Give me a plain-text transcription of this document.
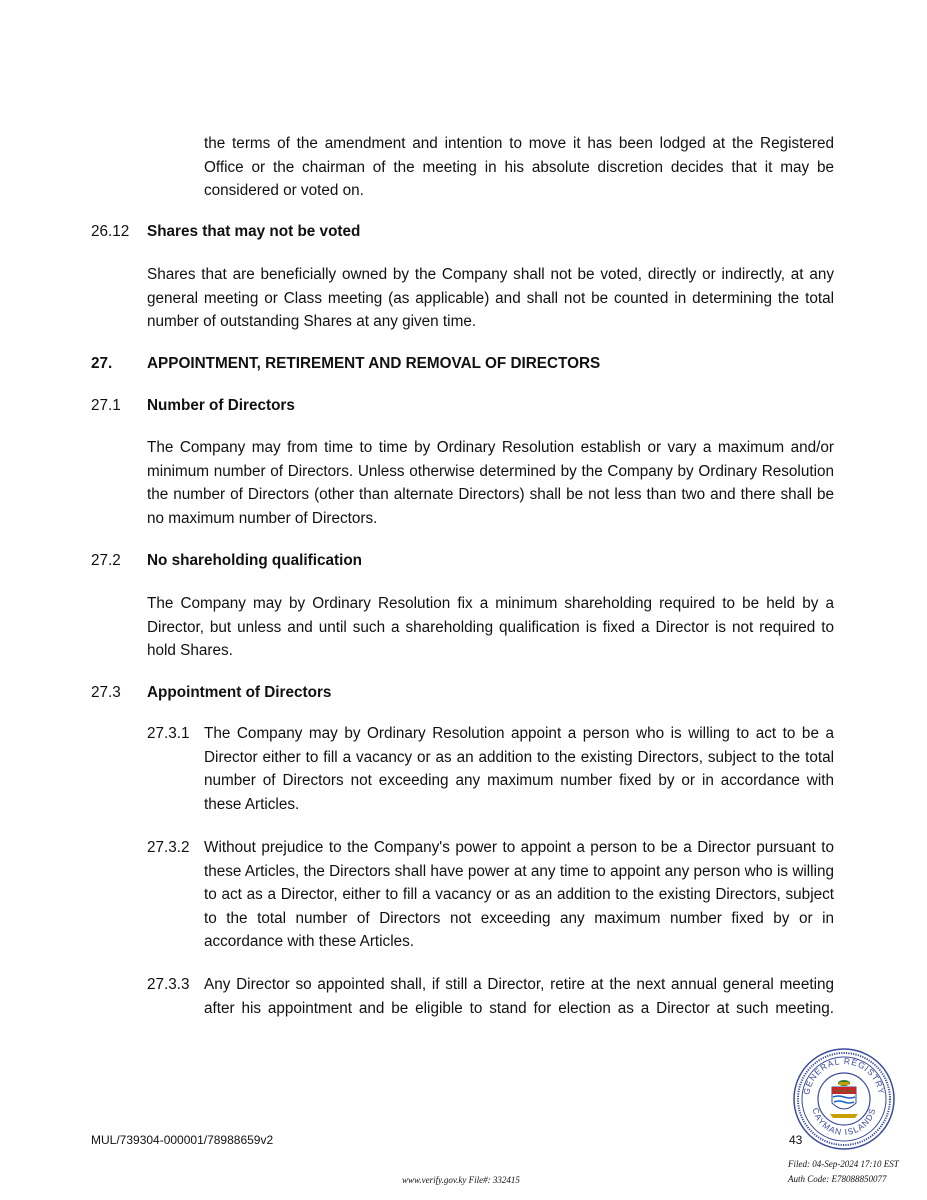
the terms of the amendment and intention to move it has been lodged at the Registered Office or the chairman of the meeting in his absolute discretion decides that it may be considered or voted on.
26.12 Shares that may not be voted
Shares that are beneficially owned by the Company shall not be voted, directly or indirectly, at any general meeting or Class meeting (as applicable) and shall not be counted in determining the total number of outstanding Shares at any given time.
27. APPOINTMENT, RETIREMENT AND REMOVAL OF DIRECTORS
27.1 Number of Directors
The Company may from time to time by Ordinary Resolution establish or vary a maximum and/or minimum number of Directors. Unless otherwise determined by the Company by Ordinary Resolution the number of Directors (other than alternate Directors) shall be not less than two and there shall be no maximum number of Directors.
27.2 No shareholding qualification
The Company may by Ordinary Resolution fix a minimum shareholding required to be held by a Director, but unless and until such a shareholding qualification is fixed a Director is not required to hold Shares.
27.3 Appointment of Directors
27.3.1 The Company may by Ordinary Resolution appoint a person who is willing to act to be a Director either to fill a vacancy or as an addition to the existing Directors, subject to the total number of Directors not exceeding any maximum number fixed by or in accordance with these Articles.
27.3.2 Without prejudice to the Company's power to appoint a person to be a Director pursuant to these Articles, the Directors shall have power at any time to appoint any person who is willing to act as a Director, either to fill a vacancy or as an addition to the existing Directors, subject to the total number of Directors not exceeding any maximum number fixed by or in accordance with these Articles.
27.3.3 Any Director so appointed shall, if still a Director, retire at the next annual general meeting after his appointment and be eligible to stand for election as a Director at such meeting.
MUL/739304-000001/78988659v2	43
www.verify.gov.ky File#: 332415
Filed: 04-Sep-2024 17:10 EST
Auth Code: E78088850077
GENERAL REGISTRY
CAYMAN ISLANDS
